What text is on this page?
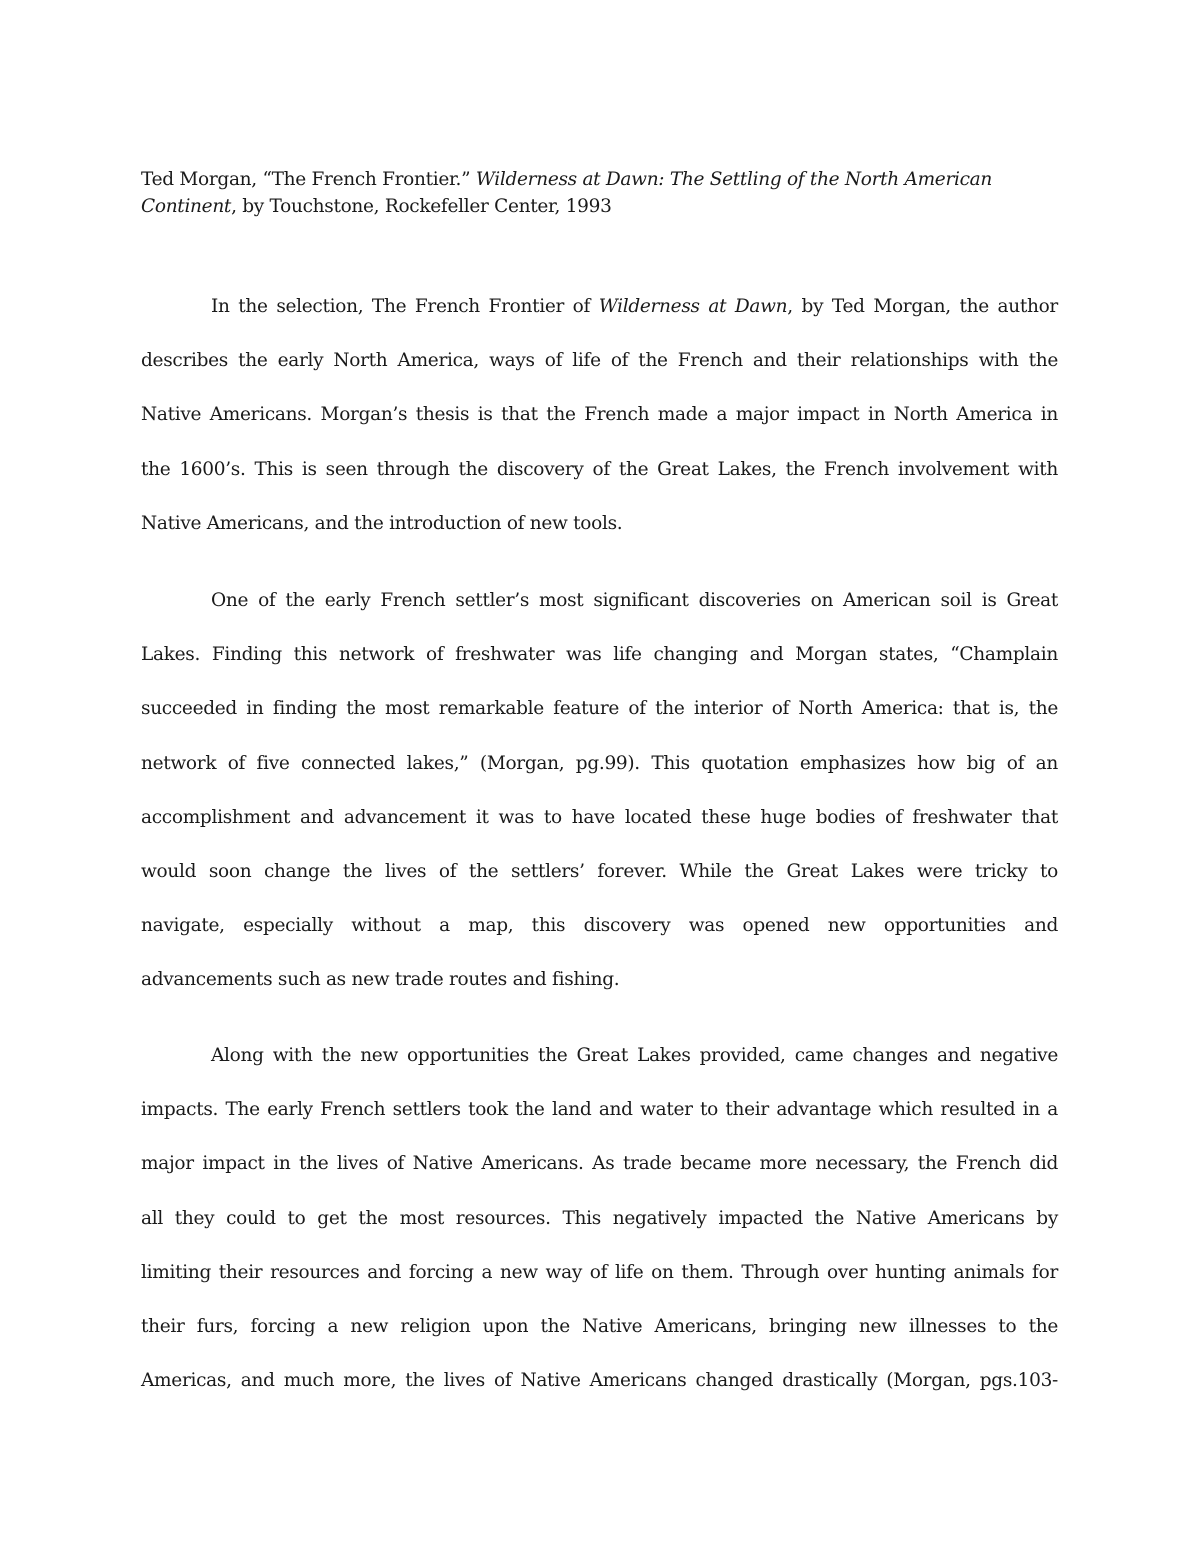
Ted Morgan, “The French Frontier.” Wilderness at Dawn: The Settling of the North American
Continent, by Touchstone, Rockefeller Center, 1993
In the selection, The French Frontier of Wilderness at Dawn, by Ted Morgan, the author
describes the early North America, ways of life of the French and their relationships with the
Native Americans. Morgan’s thesis is that the French made a major impact in North America in
the 1600’s. This is seen through the discovery of the Great Lakes, the French involvement with
Native Americans, and the introduction of new tools.
One of the early French settler’s most significant discoveries on American soil is Great
Lakes. Finding this network of freshwater was life changing and Morgan states, “Champlain
succeeded in finding the most remarkable feature of the interior of North America: that is, the
network of five connected lakes,” (Morgan, pg.99). This quotation emphasizes how big of an
accomplishment and advancement it was to have located these huge bodies of freshwater that
would soon change the lives of the settlers’ forever. While the Great Lakes were tricky to
navigate, especially without a map, this discovery was opened new opportunities and
advancements such as new trade routes and fishing.
Along with the new opportunities the Great Lakes provided, came changes and negative
impacts. The early French settlers took the land and water to their advantage which resulted in a
major impact in the lives of Native Americans. As trade became more necessary, the French did
all they could to get the most resources. This negatively impacted the Native Americans by
limiting their resources and forcing a new way of life on them. Through over hunting animals for
their furs, forcing a new religion upon the Native Americans, bringing new illnesses to the
Americas, and much more, the lives of Native Americans changed drastically (Morgan, pgs.103-
